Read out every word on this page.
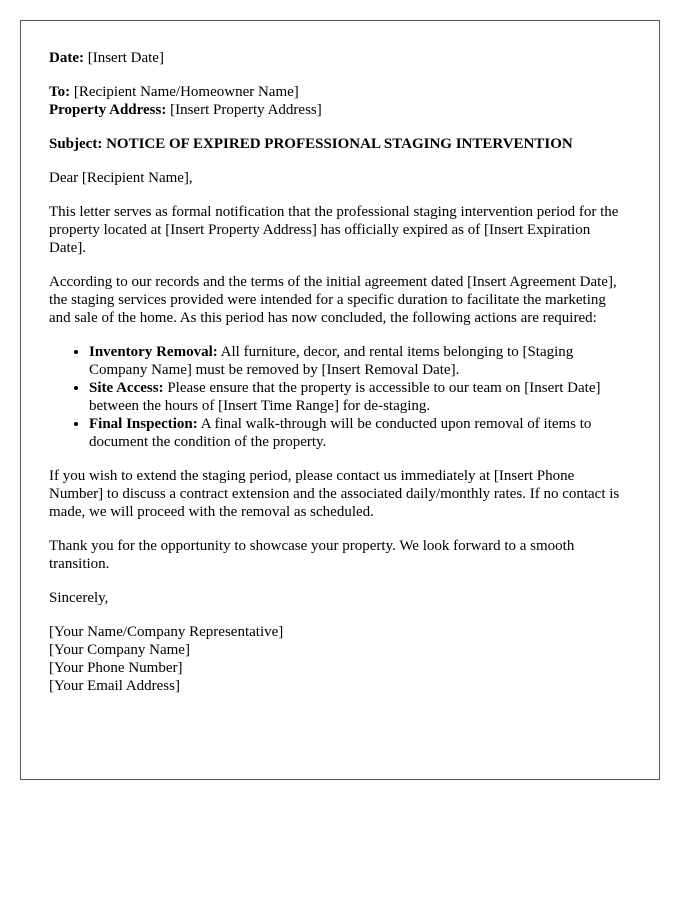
Date: [Insert Date]

To: [Recipient Name/Homeowner Name]
Property Address: [Insert Property Address]

Subject: NOTICE OF EXPIRED PROFESSIONAL STAGING INTERVENTION

Dear [Recipient Name],

This letter serves as formal notification that the professional staging intervention period for the property located at [Insert Property Address] has officially expired as of [Insert Expiration Date].

According to our records and the terms of the initial agreement dated [Insert Agreement Date], the staging services provided were intended for a specific duration to facilitate the marketing and sale of the home. As this period has now concluded, the following actions are required:

• Inventory Removal: All furniture, decor, and rental items belonging to [Staging Company Name] must be removed by [Insert Removal Date].
• Site Access: Please ensure that the property is accessible to our team on [Insert Date] between the hours of [Insert Time Range] for de-staging.
• Final Inspection: A final walk-through will be conducted upon removal of items to document the condition of the property.

If you wish to extend the staging period, please contact us immediately at [Insert Phone Number] to discuss a contract extension and the associated daily/monthly rates. If no contact is made, we will proceed with the removal as scheduled.

Thank you for the opportunity to showcase your property. We look forward to a smooth transition.

Sincerely,

[Your Name/Company Representative]
[Your Company Name]
[Your Phone Number]
[Your Email Address]
